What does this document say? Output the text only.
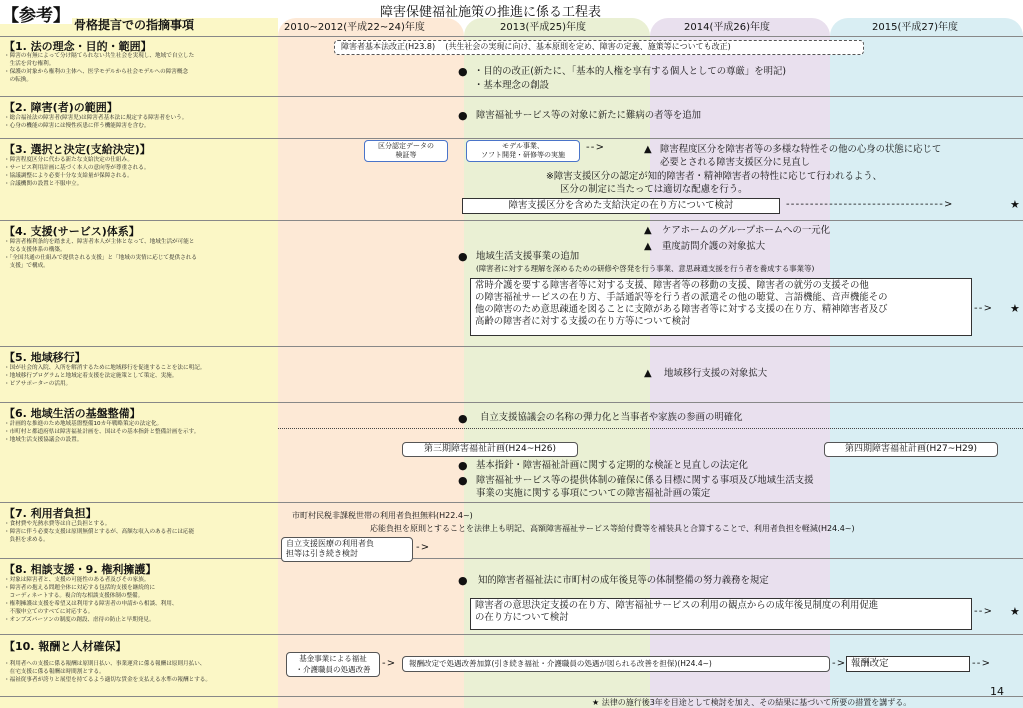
【参考】	障害保健福祉施策の推進に係る工程表
骨格提言での指摘事項	2010~2012(平成22~24)年度	2013(平成25)年度	2014(平成26)年度	2015(平成27)年度
【1. 法の理念・目的・範囲】
・障害の有無によって分け隔てられない共生社会を実現し、地域で自立した
　生活を営む権利。
・保護の対象から権利の主体へ、医学モデルから社会モデルへの障害概念
　の転換。
【2. 障害(者)の範囲】
・総合福祉法の障害者(障害児)は障害者基本法に規定する障害者をいう。
・心身の機能の障害には慢性疾患に伴う機能障害を含む。
【3. 選択と決定(支給決定)】
・障害程度区分に代わる新たな支給決定の仕組み。
・サービス利用計画に基づく本人の意向等が尊重される。
・協議調整により必要十分な支給量が保障される。
・合議機関の設置と不服申立。
【4. 支援(サービス)体系】
・障害者権利条約を踏まえ、障害者本人が主体となって、地域生活が可能と
　なる支援体系の構築。
・「全国共通の仕組みで提供される支援」と「地域の実情に応じて提供される
　支援」で構成。
【5. 地域移行】
・国が社会的入院、入所を解消するために地域移行を促進することを法に明記。
・地域移行プログラムと地域定着支援を法定施策として策定、実施。
・ピアサポーターの活用。
【6. 地域生活の基盤整備】
・計画的な推進のため地域基盤整備10カ年戦略策定の法定化。
・市町村と都道府県は障害福祉計画を、国はその基本指針と整備計画を示す。
・地域生活支援協議会の設置。
【7. 利用者負担】
・食材費や光熱水費等は自己負担とする。
・障害に伴う必要な支援は原則無償とするが、高額な収入のある者には応能
　負担を求める。
【8. 相談支援・9. 権利擁護】
・対象は障害者と、支援の可能性のある者及びその家族。
・障害者の抱える問題全体に対応する包括的支援を継続的に
　コーディネートする。複合的な相談支援体制の整備。
・権利擁護は支援を希望又は利用する障害者の申請から相談、利用、
　不服申立てのすべてに対応する。
・オンブズパーソンの制度の創設、虐待の防止と早期発見。
【10. 報酬と人材確保】
・利用者への支援に係る報酬は原則日払い、事業運営に係る報酬は原則月払い、
　在宅支援に係る報酬は時間割とする。
・福祉従事者が誇りと展望を持てるよう適切な賃金を支払える水準の報酬とする。
障害者基本法改正(H23.8) (共生社会の実現に向け、基本原則を定め、障害の定義、施策等についても改正)
● ・目的の改正(新たに、「基本的人権を享有する個人としての尊厳」を明記)
・基本理念の創設
● 障害福祉サービス等の対象に新たに難病の者等を追加
区分認定データの
検証等
モデル事業、
ソフト開発・研修等の実施
- - >	▲ 障害程度区分を障害者等の多様な特性その他の心身の状態に応じて
必要とされる障害支援区分に見直し
※障害支援区分の認定が知的障害者・精神障害者の特性に応じて行われるよう、
区分の制定に当たっては適切な配慮を行う。
障害支援区分を含めた支給決定の在り方について検討	- - - - - - - - - - - - - - - - - - - - - - - - - - - - - - - - - >	★
▲ ケアホームのグループホームへの一元化
▲ 重度訪問介護の対象拡大
● 地域生活支援事業の追加
(障害者に対する理解を深めるための研修や啓発を行う事業、意思疎通支援を行う者を養成する事業等)
常時介護を要する障害者等に対する支援、障害者等の移動の支援、障害者の就労の支援その他
の障害福祉サービスの在り方、手話通訳等を行う者の派遣その他の聴覚、言語機能、音声機能その
他の障害のため意思疎通を図ることに支障がある障害者等に対する支援の在り方、精神障害者及び
高齢の障害者に対する支援の在り方等について検討
- - > ★
▲ 地域移行支援の対象拡大
● 自立支援協議会の名称の弾力化と当事者や家族の参画の明確化
第三期障害福祉計画(H24~H26)	第四期障害福祉計画(H27~H29)
● 基本指針・障害福祉計画に関する定期的な検証と見直しの法定化
● 障害福祉サービス等の提供体制の確保に係る目標に関する事項及び地域生活支援
事業の実施に関する事項についての障害福祉計画の策定
市町村民税非課税世帯の利用者負担無料(H22.4~)
応能負担を原則とすることを法律上も明記、高額障害福祉サービス等給付費等を補装具と合算することで、利用者負担を軽減(H24.4~)
自立支援医療の利用者負
担等は引き続き検討
- >
● 知的障害者福祉法に市町村の成年後見等の体制整備の努力義務を規定
障害者の意思決定支援の在り方、障害福祉サービスの利用の観点からの成年後見制度の利用促進
の在り方について検討
- - > ★
基金事業による福祉
・介護職員の処遇改善
- >	報酬改定で処遇改善加算(引き続き福祉・介護職員の処遇が図られる改善を担保)(H24.4~)	- > 報酬改定	- - >
14
★ 法律の施行後3年を目途として検討を加え、その結果に基づいて所要の措置を講ずる。
